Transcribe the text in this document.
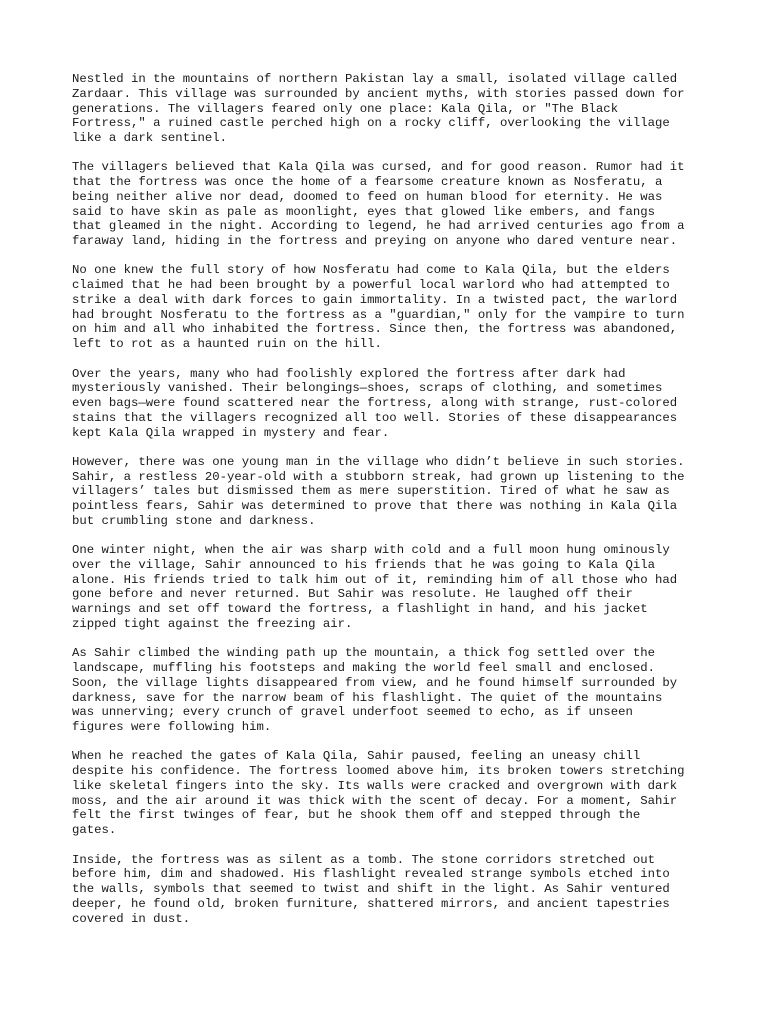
Nestled in the mountains of northern Pakistan lay a small, isolated village called
Zardaar. This village was surrounded by ancient myths, with stories passed down for
generations. The villagers feared only one place: Kala Qila, or "The Black
Fortress," a ruined castle perched high on a rocky cliff, overlooking the village
like a dark sentinel.

The villagers believed that Kala Qila was cursed, and for good reason. Rumor had it
that the fortress was once the home of a fearsome creature known as Nosferatu, a
being neither alive nor dead, doomed to feed on human blood for eternity. He was
said to have skin as pale as moonlight, eyes that glowed like embers, and fangs
that gleamed in the night. According to legend, he had arrived centuries ago from a
faraway land, hiding in the fortress and preying on anyone who dared venture near.

No one knew the full story of how Nosferatu had come to Kala Qila, but the elders
claimed that he had been brought by a powerful local warlord who had attempted to
strike a deal with dark forces to gain immortality. In a twisted pact, the warlord
had brought Nosferatu to the fortress as a "guardian," only for the vampire to turn
on him and all who inhabited the fortress. Since then, the fortress was abandoned,
left to rot as a haunted ruin on the hill.

Over the years, many who had foolishly explored the fortress after dark had
mysteriously vanished. Their belongings—shoes, scraps of clothing, and sometimes
even bags—were found scattered near the fortress, along with strange, rust-colored
stains that the villagers recognized all too well. Stories of these disappearances
kept Kala Qila wrapped in mystery and fear.

However, there was one young man in the village who didn’t believe in such stories.
Sahir, a restless 20-year-old with a stubborn streak, had grown up listening to the
villagers’ tales but dismissed them as mere superstition. Tired of what he saw as
pointless fears, Sahir was determined to prove that there was nothing in Kala Qila
but crumbling stone and darkness.

One winter night, when the air was sharp with cold and a full moon hung ominously
over the village, Sahir announced to his friends that he was going to Kala Qila
alone. His friends tried to talk him out of it, reminding him of all those who had
gone before and never returned. But Sahir was resolute. He laughed off their
warnings and set off toward the fortress, a flashlight in hand, and his jacket
zipped tight against the freezing air.

As Sahir climbed the winding path up the mountain, a thick fog settled over the
landscape, muffling his footsteps and making the world feel small and enclosed.
Soon, the village lights disappeared from view, and he found himself surrounded by
darkness, save for the narrow beam of his flashlight. The quiet of the mountains
was unnerving; every crunch of gravel underfoot seemed to echo, as if unseen
figures were following him.

When he reached the gates of Kala Qila, Sahir paused, feeling an uneasy chill
despite his confidence. The fortress loomed above him, its broken towers stretching
like skeletal fingers into the sky. Its walls were cracked and overgrown with dark
moss, and the air around it was thick with the scent of decay. For a moment, Sahir
felt the first twinges of fear, but he shook them off and stepped through the
gates.

Inside, the fortress was as silent as a tomb. The stone corridors stretched out
before him, dim and shadowed. His flashlight revealed strange symbols etched into
the walls, symbols that seemed to twist and shift in the light. As Sahir ventured
deeper, he found old, broken furniture, shattered mirrors, and ancient tapestries
covered in dust.
